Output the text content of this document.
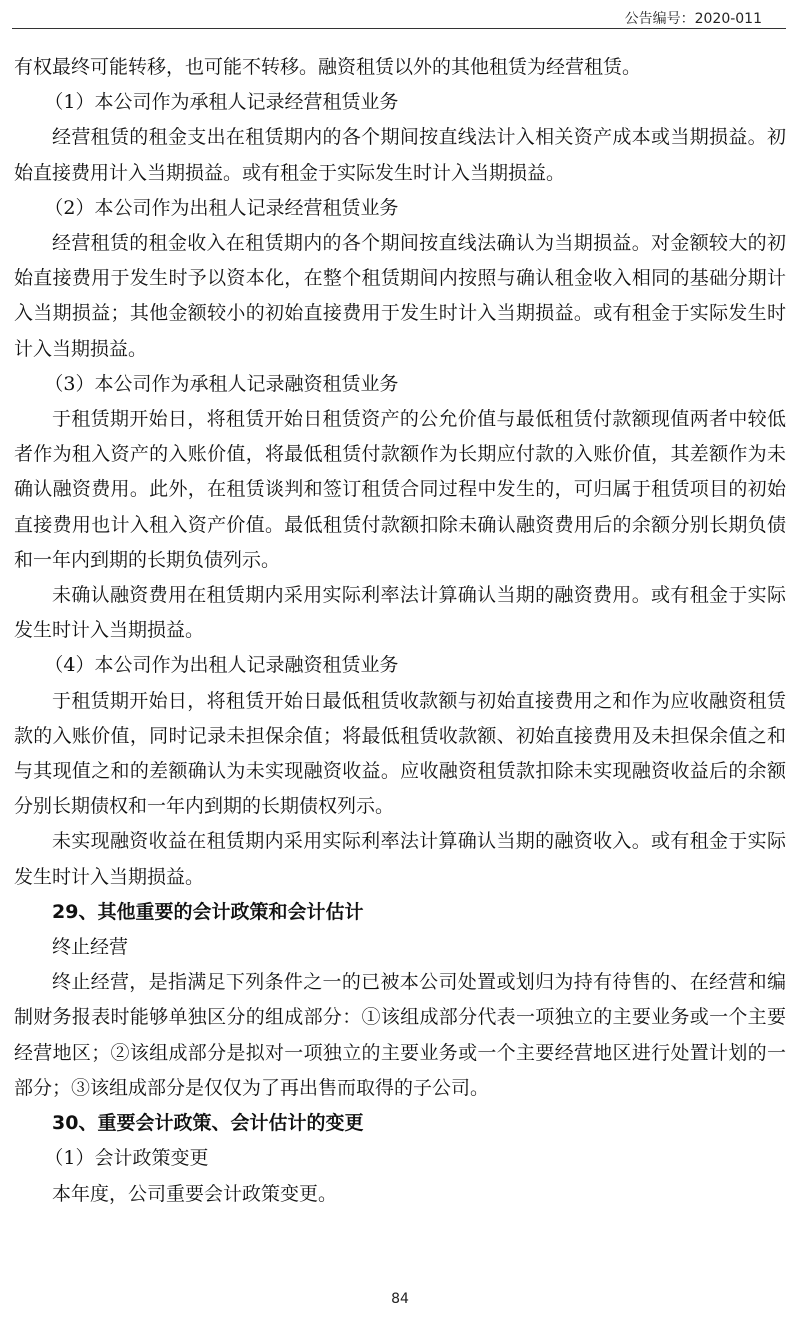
公告编号：2020-011

有权最终可能转移，也可能不转移。融资租赁以外的其他租赁为经营租赁。

（1）本公司作为承租人记录经营租赁业务

经营租赁的租金支出在租赁期内的各个期间按直线法计入相关资产成本或当期损益。初始直接费用计入当期损益。或有租金于实际发生时计入当期损益。

（2）本公司作为出租人记录经营租赁业务

经营租赁的租金收入在租赁期内的各个期间按直线法确认为当期损益。对金额较大的初始直接费用于发生时予以资本化，在整个租赁期间内按照与确认租金收入相同的基础分期计入当期损益；其他金额较小的初始直接费用于发生时计入当期损益。或有租金于实际发生时计入当期损益。

（3）本公司作为承租人记录融资租赁业务

于租赁期开始日，将租赁开始日租赁资产的公允价值与最低租赁付款额现值两者中较低者作为租入资产的入账价值，将最低租赁付款额作为长期应付款的入账价值，其差额作为未确认融资费用。此外，在租赁谈判和签订租赁合同过程中发生的，可归属于租赁项目的初始直接费用也计入租入资产价值。最低租赁付款额扣除未确认融资费用后的余额分别长期负债和一年内到期的长期负债列示。

未确认融资费用在租赁期内采用实际利率法计算确认当期的融资费用。或有租金于实际发生时计入当期损益。

（4）本公司作为出租人记录融资租赁业务

于租赁期开始日，将租赁开始日最低租赁收款额与初始直接费用之和作为应收融资租赁款的入账价值，同时记录未担保余值；将最低租赁收款额、初始直接费用及未担保余值之和与其现值之和的差额确认为未实现融资收益。应收融资租赁款扣除未实现融资收益后的余额分别长期债权和一年内到期的长期债权列示。

未实现融资收益在租赁期内采用实际利率法计算确认当期的融资收入。或有租金于实际发生时计入当期损益。

29、其他重要的会计政策和会计估计

终止经营

终止经营，是指满足下列条件之一的已被本公司处置或划归为持有待售的、在经营和编制财务报表时能够单独区分的组成部分：①该组成部分代表一项独立的主要业务或一个主要经营地区；②该组成部分是拟对一项独立的主要业务或一个主要经营地区进行处置计划的一部分；③该组成部分是仅仅为了再出售而取得的子公司。

30、重要会计政策、会计估计的变更

（1）会计政策变更

本年度，公司重要会计政策变更。

84
